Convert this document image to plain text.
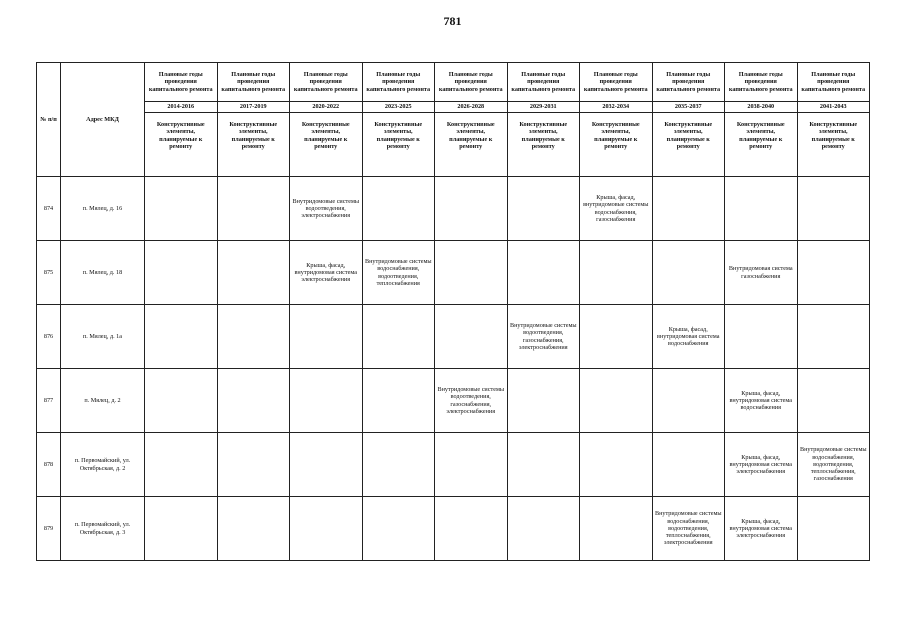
781
№ п/п	Адрес МКД	Плановые годы проведения капитального ремонта	Плановые годы проведения капитального ремонта	Плановые годы проведения капитального ремонта	Плановые годы проведения капитального ремонта	Плановые годы проведения капитального ремонта	Плановые годы проведения капитального ремонта	Плановые годы проведения капитального ремонта	Плановые годы проведения капитального ремонта	Плановые годы проведения капитального ремонта	Плановые годы проведения капитального ремонта
		2014-2016	2017-2019	2020-2022	2023-2025	2026-2028	2029-2031	2032-2034	2035-2037	2038-2040	2041-2043
		Конструктивные элементы, планируемые к ремонту	Конструктивные элементы, планируемые к ремонту	Конструктивные элементы, планируемые к ремонту	Конструктивные элементы, планируемые к ремонту	Конструктивные элементы, планируемые к ремонту	Конструктивные элементы, планируемые к ремонту	Конструктивные элементы, планируемые к ремонту	Конструктивные элементы, планируемые к ремонту	Конструктивные элементы, планируемые к ремонту	Конструктивные элементы, планируемые к ремонту
874	п. Мялец, д. 16			Внутридомовые системы водоотведения, электроснабжения				Крыша, фасад, внутридомовые системы водоснабжения, газоснабжения			
875	п. Мялец, д. 18			Крыша, фасад, внутридомовая система электроснабжения	Внутридомовые системы водоснабжения, водоотведения, теплоснабжения					Внутридомовая система газоснабжения	
876	п. Мялец, д. 1а						Внутридомовые системы водоотведения, газоснабжения, электроснабжения		Крыша, фасад, внутридомовая система водоснабжения		
877	п. Мялец, д. 2					Внутридомовые системы водоотведения, газоснабжения, электроснабжения				Крыша, фасад, внутридомовая система водоснабжения	
878	п. Первомайский, ул. Октябрьская, д. 2									Крыша, фасад, внутридомовая система электроснабжения	Внутридомовые системы водоснабжения, водоотведения, теплоснабжения, газоснабжения
879	п. Первомайский, ул. Октябрьская, д. 3								Внутридомовые системы водоснабжения, водоотведения, теплоснабжения, электроснабжения	Крыша, фасад, внутридомовая система электроснабжения	
